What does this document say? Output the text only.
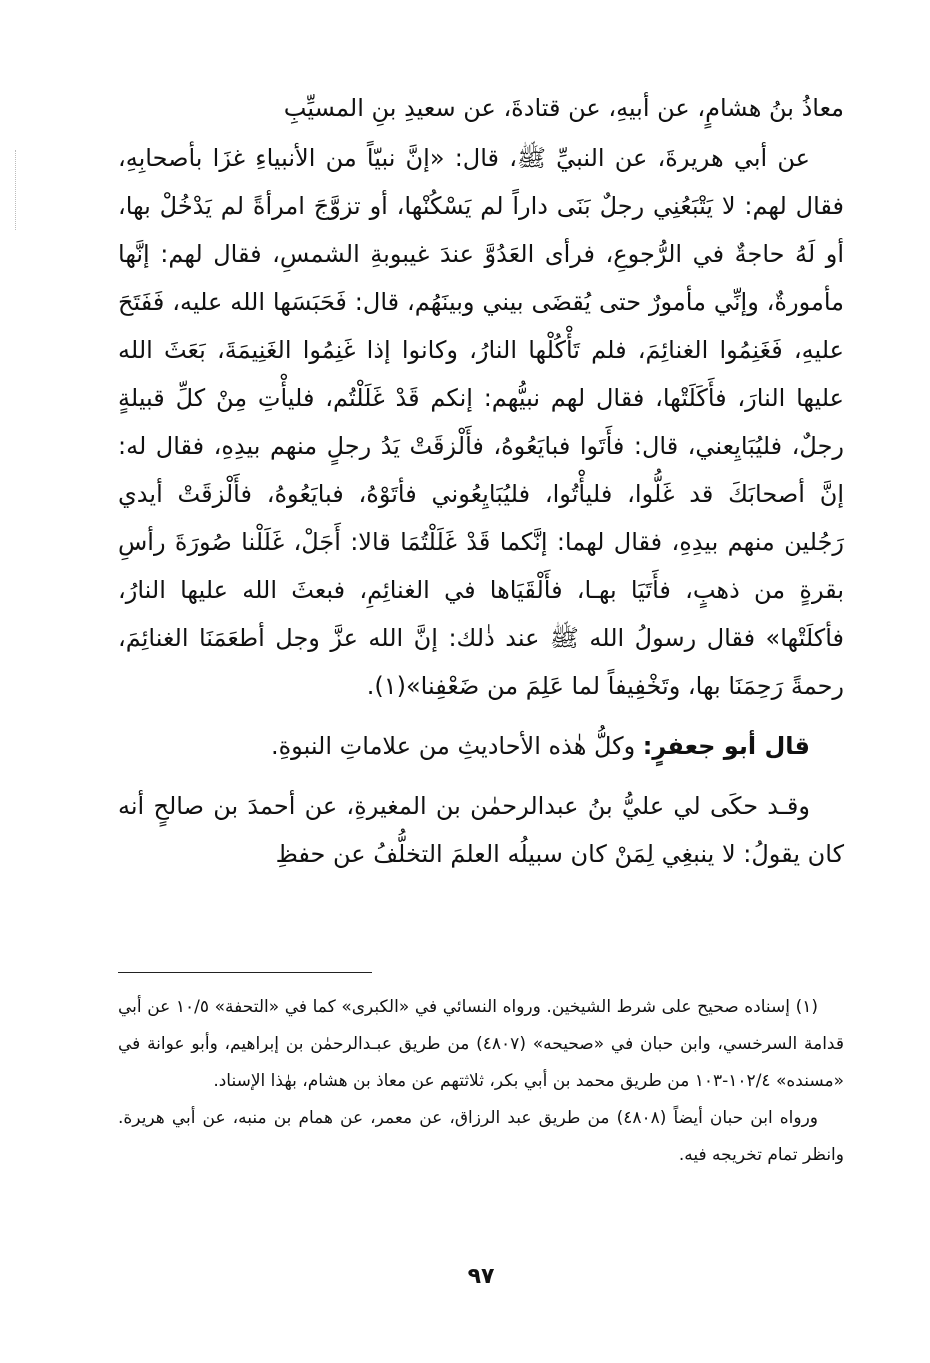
معاذُ بنُ هشامٍ، عن أبيهِ، عن قتادةَ، عن سعيدِ بنِ المسيِّبِ

عن أبي هريرةَ، عن النبيِّ ﷺ، قال: «إنَّ نبيّاً من الأنبياءِ غزَا بأصحابِهِ، فقال لهم: لا يَتْبَعُنِي رجلٌ بَنَى داراً لم يَسْكُنْها، أو تزوَّجَ امرأةً لم يَدْخُلْ بها، أو لَهُ حاجةٌ في الرُّجوعِ، فرأى العَدُوَّ عندَ غيبوبةِ الشمسِ، فقال لهم: إنَّها مأمورةٌ، وإنِّي مأمورٌ حتى يُقضَى بيني وبينَهُم، قال: فَحَبَسَها الله عليه، فَفَتَحَ عليهِ، فَغَنِمُوا الغنائِمَ، فلم تَأْكُلْها النارُ، وكانوا إذا غَنِمُوا الغَنِيمَةَ، بَعَثَ الله عليها النارَ، فأَكَلَتْها، فقال لهم نبيُّهم: إنكم قَدْ غَلَلْتُم، فليأْتِ مِنْ كلِّ قبيلةٍ رجلٌ، فليُبَايِعني، قال: فأَتَوا فبايَعُوهُ، فأَلْزقَتْ يَدُ رجلٍ منهم بيدِهِ، فقال له: إنَّ أصحابَكَ قد غَلُّوا، فليأْتُوا، فليُبَايِعُوني فأتَوْهُ، فبايَعُوهُ، فأَلْزقَتْ أيدي رَجُلين منهم بيدِهِ، فقال لهما: إنَّكما قَدْ غَلَلْتُمَا قالا: أَجَلْ، غَلَلْنا صُورَةَ رأسِ بقرةٍ من ذهبٍ، فأَتَيَا بهـا، فأَلْقَيَاها في الغنائِمِ، فبعثَ الله عليها النارُ، فأكلَتْها» فقال رسولُ الله ﷺ عند ذٰلك: إنَّ الله عزَّ وجل أطعَمَنَا الغنائِمَ، رحمةً رَحِمَنَا بها، وتَخْفِيفاً لما عَلِمَ من ضَعْفِنا»(١).

قال أبو جعفرٍ: وكلُّ هٰذه الأحاديثِ من علاماتِ النبوةِ.

وقـد حكَى لي عليُّ بنُ عبدالرحمٰن بن المغيرةِ، عن أحمدَ بن صالحٍ أنه كان يقولُ: لا ينبغِي لِمَنْ كان سبيلُه العلمَ التخلُّفُ عن حفظِ

(١) إسناده صحيح على شرط الشيخين. ورواه النسائي في «الكبرى» كما في «التحفة» ١٠/٥ عن أبي قدامة السرخسي، وابن حبان في «صحيحه» (٤٨٠٧) من طريق عبـدالرحمٰن بن إبراهيم، وأبو عوانة في «مسنده» ١٠٢/٤-١٠٣ من طريق محمد بن أبي بكر، ثلاثتهم عن معاذ بن هشام، بهٰذا الإسناد.

ورواه ابن حبان أيضاً (٤٨٠٨) من طريق عبد الرزاق، عن معمر، عن همام بن منبه، عن أبي هريرة. وانظر تمام تخريجه فيه.

٩٧
